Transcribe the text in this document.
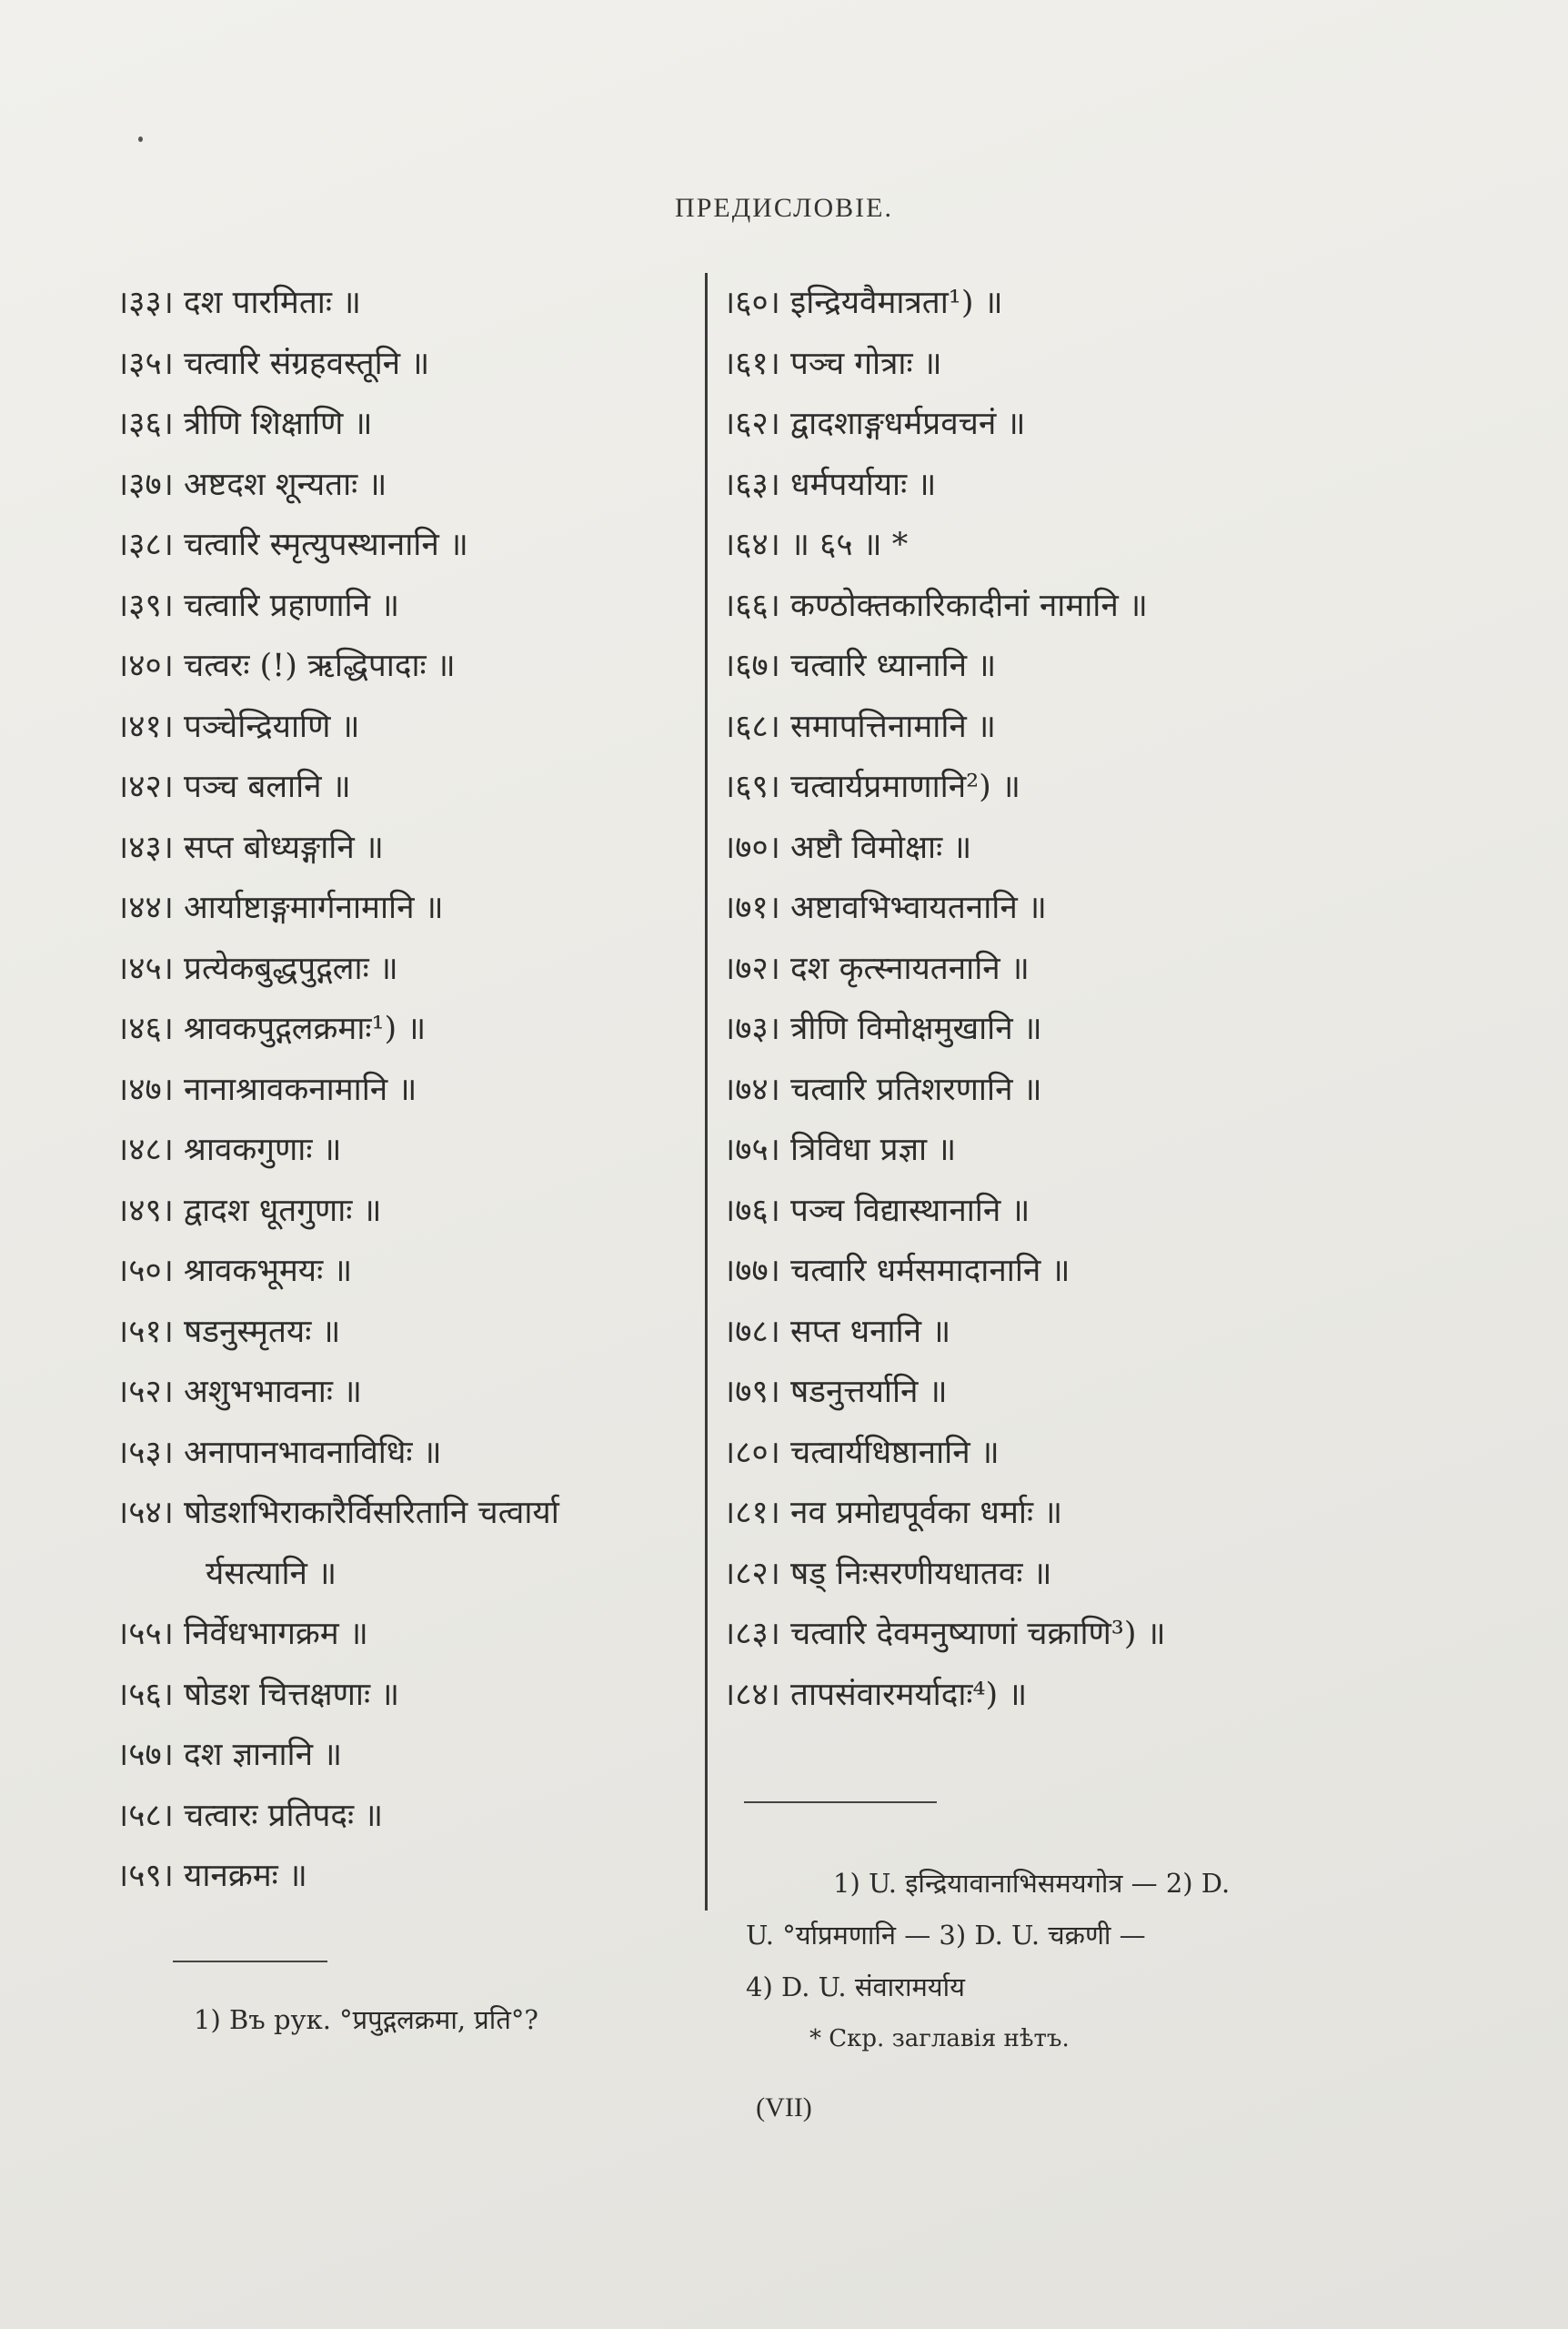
ПРЕДИСЛОВIЕ.
।३३। दश पारमिताः ॥
।३५। चत्वारि संग्रहवस्तूनि ॥
।३६। त्रीणि शिक्षाणि ॥
।३७। अष्टदश शून्यताः ॥
।३८। चत्वारि स्मृत्युपस्थानानि ॥
।३९। चत्वारि प्रहाणानि ॥
।४०। चत्वरः (!) ऋद्धिपादाः ॥
।४१। पञ्चेन्द्रियाणि ॥
।४२। पञ्च बलानि ॥
।४३। सप्त बोध्यङ्गानि ॥
।४४। आर्याष्टाङ्गमार्गनामानि ॥
।४५। प्रत्येकबुद्धपुद्गलाः ॥
।४६। श्रावकपुद्गलक्रमाः¹) ॥
।४७। नानाश्रावकनामानि ॥
।४८। श्रावकगुणाः ॥
।४९। द्वादश धूतगुणाः ॥
।५०। श्रावकभूमयः ॥
।५१। षडनुस्मृतयः ॥
।५२। अशुभभावनाः ॥
।५३। अनापानभावनाविधिः ॥
।५४। षोडशभिराकारैर्विसरितानि चत्वार्या
र्यसत्यानि ॥
।५५। निर्वेधभागक्रम ॥
।५६। षोडश चित्तक्षणाः ॥
।५७। दश ज्ञानानि ॥
।५८। चत्वारः प्रतिपदः ॥
।५९। यानक्रमः ॥
।६०। इन्द्रियवैमात्रता¹) ॥
।६१। पञ्च गोत्राः ॥
।६२। द्वादशाङ्गधर्मप्रवचनं ॥
।६३। धर्मपर्यायाः ॥
।६४। ॥ ६५ ॥ *
।६६। कण्ठोक्तकारिकादीनां नामानि ॥
।६७। चत्वारि ध्यानानि ॥
।६८। समापत्तिनामानि ॥
।६९। चत्वार्यप्रमाणानि²) ॥
।७०। अष्टौ विमोक्षाः ॥
।७१। अष्टावभिभ्वायतनानि ॥
।७२। दश कृत्स्नायतनानि ॥
।७३। त्रीणि विमोक्षमुखानि ॥
।७४। चत्वारि प्रतिशरणानि ॥
।७५। त्रिविधा प्रज्ञा ॥
।७६। पञ्च विद्यास्थानानि ॥
।७७। चत्वारि धर्मसमादानानि ॥
।७८। सप्त धनानि ॥
।७९। षडनुत्तर्यानि ॥
।८०। चत्वार्यधिष्ठानानि ॥
।८१। नव प्रमोद्यपूर्वका धर्माः ॥
।८२। षड् निःसरणीयधातवः ॥
।८३। चत्वारि देवमनुष्याणां चक्राणि³) ॥
।८४। तापसंवारमर्यादाः⁴) ॥
1) Въ рук. °प्रपुद्गलक्रमा, प्रति°?
1) U. इन्द्रियावानाभिसमयगोत्र — 2) D.
U. °र्याप्रमणानि — 3) D. U. चक्रणी —
4) D. U. संवारामर्याय
* Скр. заглавія нѣтъ.
(VII)
